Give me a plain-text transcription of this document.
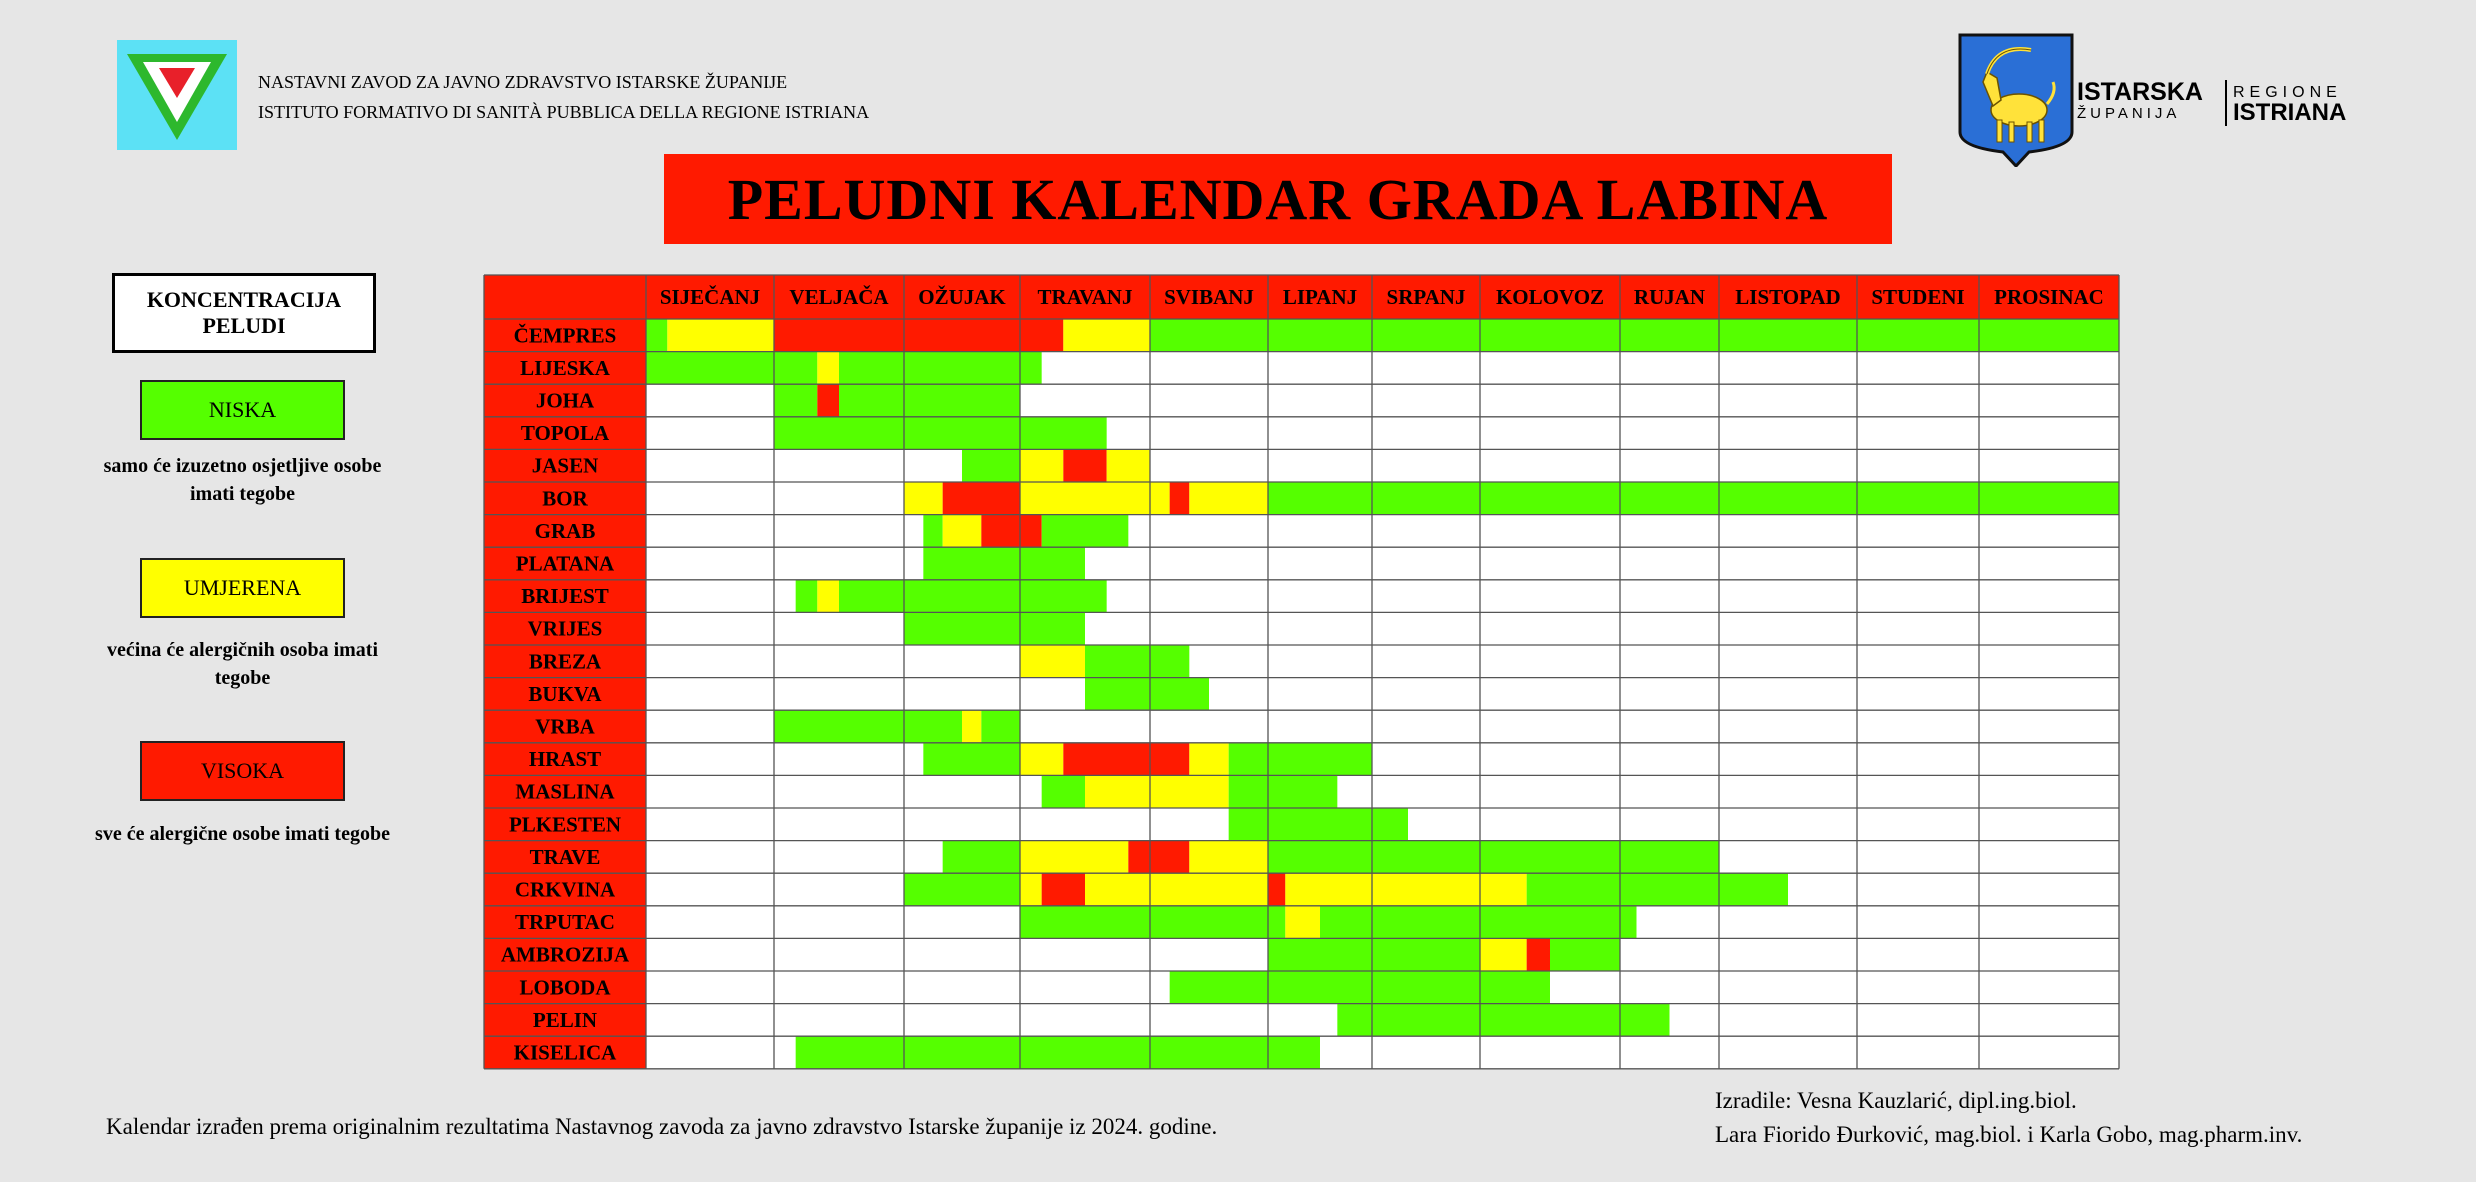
NASTAVNI ZAVOD ZA JAVNO ZDRAVSTVO ISTARSKE ŽUPANIJE
ISTITUTO FORMATIVO DI SANITÀ PUBBLICA DELLA REGIONE ISTRIANA
ISTARSKA	REGIONE
ŽUPANIJA	ISTRIANA
PELUDNI KALENDAR GRADA LABINA
KONCENTRACIJA PELUDI
NISKA
samo će izuzetno osjetljive osobe imati tegobe
UMJERENA
većina će alergičnih osoba imati tegobe
VISOKA
sve će alergične osobe imati tegobe
SIJEČANJ VELJAČA OŽUJAK TRAVANJ SVIBANJ LIPANJ SRPANJ KOLOVOZ RUJAN LISTOPAD STUDENI PROSINAC
ČEMPRES
LIJESKA
JOHA
TOPOLA
JASEN
BOR
GRAB
PLATANA
BRIJEST
VRIJES
BREZA
BUKVA
VRBA
HRAST
MASLINA
PLKESTEN
TRAVE
CRKVINA
TRPUTAC
AMBROZIJA
LOBODA
PELIN
KISELICA
Kalendar izrađen prema originalnim rezultatima Nastavnog zavoda za javno zdravstvo Istarske županije iz 2024. godine.
Izradile: Vesna Kauzlarić, dipl.ing.biol.
Lara Fiorido Đurković, mag.biol. i Karla Gobo, mag.pharm.inv.
